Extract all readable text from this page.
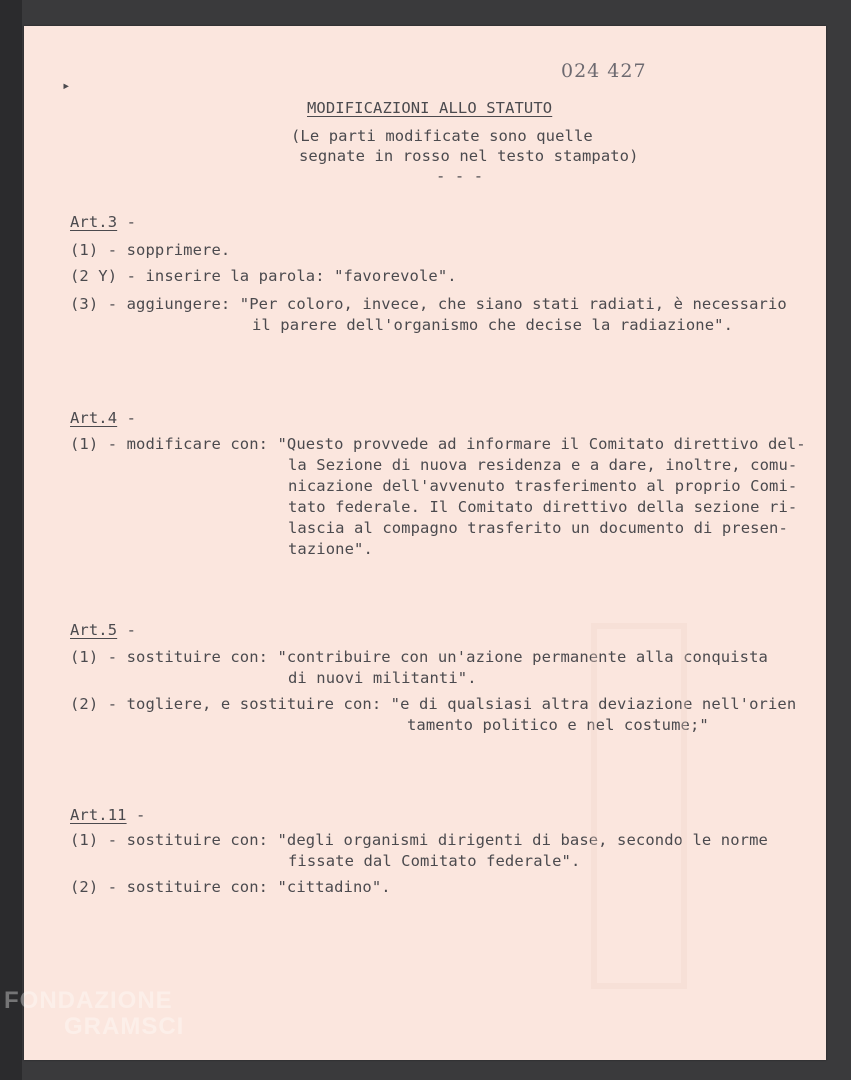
▸
024 427
MODIFICAZIONI ALLO STATUTO
(Le parti modificate sono quelle
segnate in rosso nel testo stampato)
- - -
Art.3 -
(1) - sopprimere.
(2 Y) - inserire la parola: "favorevole".
(3) - aggiungere: "Per coloro, invece, che siano stati radiati, è necessario
il parere dell'organismo che decise la radiazione".
Art.4 -
(1) - modificare con: "Questo provvede ad informare il Comitato direttivo del-
la Sezione di nuova residenza e a dare, inoltre, comu-
nicazione dell'avvenuto trasferimento al proprio Comi-
tato federale. Il Comitato direttivo della sezione ri-
lascia al compagno trasferito un documento di presen-
tazione".
Art.5 -
(1) - sostituire con: "contribuire con un'azione permanente alla conquista
di nuovi militanti".
(2) - togliere, e sostituire con: "e di qualsiasi altra deviazione nell'orien
tamento politico e nel costume;"
Art.11 -
(1) - sostituire con: "degli organismi dirigenti di base, secondo le norme
fissate dal Comitato federale".
(2) - sostituire con: "cittadino".
FONDAZIONE
GRAMSCI
